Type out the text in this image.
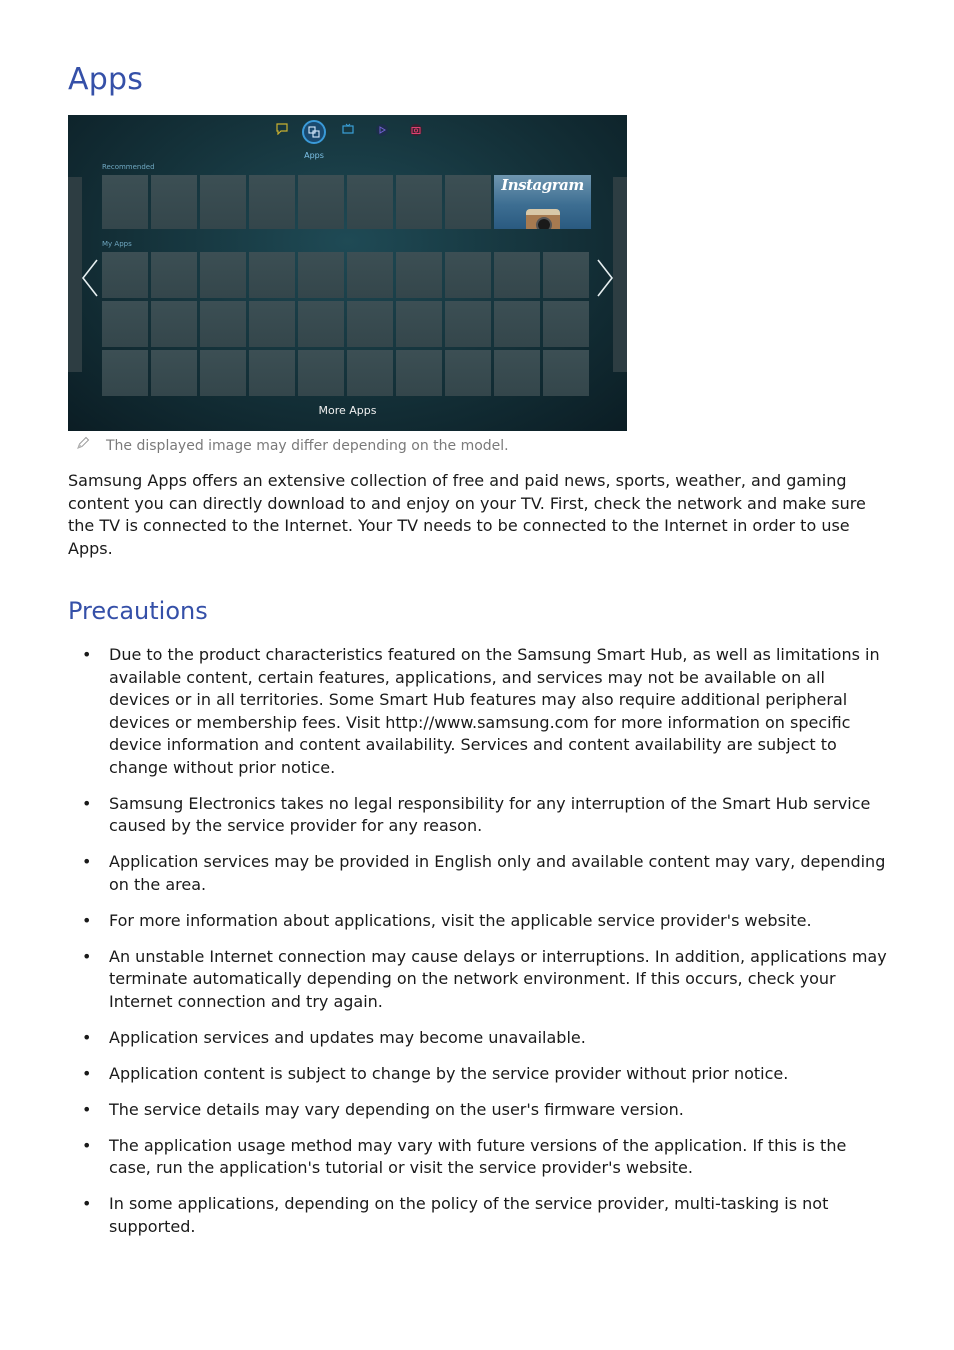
Apps
Apps
Recommended
Instagram
My Apps
More Apps
The displayed image may differ depending on the model.

Samsung Apps offers an extensive collection of free and paid news, sports, weather, and gaming content you can directly download to and enjoy on your TV. First, check the network and make sure the TV is connected to the Internet. Your TV needs to be connected to the Internet in order to use Apps.

Precautions
• Due to the product characteristics featured on the Samsung Smart Hub, as well as limitations in available content, certain features, applications, and services may not be available on all devices or in all territories. Some Smart Hub features may also require additional peripheral devices or membership fees. Visit http://www.samsung.com for more information on specific device information and content availability. Services and content availability are subject to change without prior notice.
• Samsung Electronics takes no legal responsibility for any interruption of the Smart Hub service caused by the service provider for any reason.
• Application services may be provided in English only and available content may vary, depending on the area.
• For more information about applications, visit the applicable service provider's website.
• An unstable Internet connection may cause delays or interruptions. In addition, applications may terminate automatically depending on the network environment. If this occurs, check your Internet connection and try again.
• Application services and updates may become unavailable.
• Application content is subject to change by the service provider without prior notice.
• The service details may vary depending on the user's firmware version.
• The application usage method may vary with future versions of the application. If this is the case, run the application's tutorial or visit the service provider's website.
• In some applications, depending on the policy of the service provider, multi-tasking is not supported.
